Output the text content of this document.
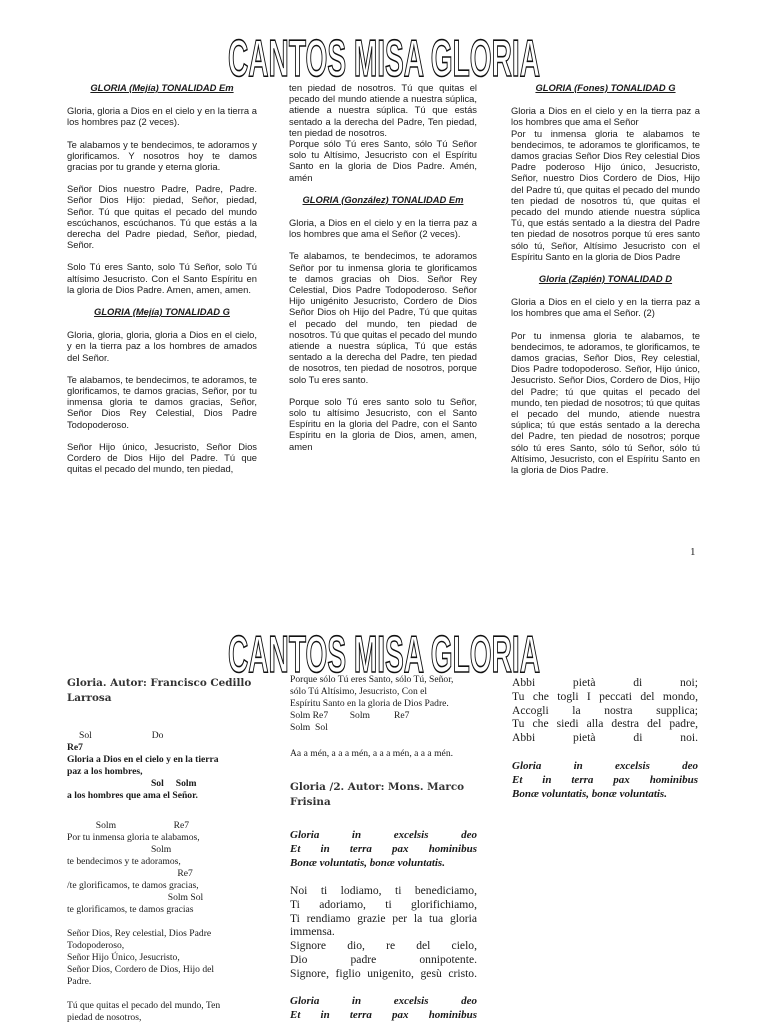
CANTOS MISA GLORIA
GLORIA (Mejía) TONALIDAD Em

Gloria, gloria a Dios en el cielo y en la tierra a los hombres paz (2 veces).

Te alabamos y te bendecimos, te adoramos y glorificamos. Y nosotros hoy te damos gracias por tu grande y eterna gloria.

Señor Dios nuestro Padre, Padre, Padre. Señor Dios Hijo: piedad, Señor, piedad, Señor. Tú que quitas el pecado del mundo escúchanos, escúchanos. Tú que estás a la derecha del Padre piedad, Señor, piedad, Señor.

Solo Tú eres Santo, solo Tú Señor, solo Tú altísimo Jesucristo. Con el Santo Espíritu en la gloria de Dios Padre. Amen, amen, amen.

GLORIA (Mejía) TONALIDAD G

Gloria, gloria, gloria, gloria a Dios en el cielo, y en la tierra paz a los hombres de amados del Señor.

Te alabamos, te bendecimos, te adoramos, te glorificamos, te damos gracias, Señor, por tu inmensa gloria te damos gracias, Señor, Señor Dios Rey Celestial, Dios Padre Todopoderoso.

Señor Hijo único, Jesucristo, Señor Dios Cordero de Dios Hijo del Padre. Tú que quitas el pecado del mundo, ten piedad,

ten piedad de nosotros. Tú que quitas el pecado del mundo atiende a nuestra súplica, atiende a nuestra súplica. Tú que estás sentado a la derecha del Padre, Ten piedad, ten piedad de nosotros.

Porque sólo Tú eres Santo, sólo Tú Señor solo tu Altísimo, Jesucristo con el Espíritu Santo en la gloria de Dios Padre. Amén, amén

GLORIA (González) TONALIDAD Em

Gloria, a Dios en el cielo y en la tierra paz a los hombres que ama el Señor (2 veces).

Te alabamos, te bendecimos, te adoramos Señor por tu inmensa gloria te glorificamos te damos gracias oh Dios. Señor Rey Celestial, Dios Padre Todopoderoso. Señor Hijo unigénito Jesucristo, Cordero de Dios Señor Dios oh Hijo del Padre, Tú que quitas el pecado del mundo, ten piedad de nosotros. Tú que quitas el pecado del mundo atiende a nuestra súplica, Tú que estás sentado a la derecha del Padre, ten piedad de nosotros, ten piedad de nosotros, porque solo Tu eres santo.

Porque solo Tú eres santo solo tu Señor, solo tu altísimo Jesucristo, con el Santo Espíritu en la gloria del Padre, con el Santo Espíritu en la gloria de Dios, amen, amen, amen

GLORIA (Fones) TONALIDAD G

Gloria a Dios en el cielo y en la tierra paz a los hombres que ama el Señor

Por tu inmensa gloria te alabamos te bendecimos, te adoramos te glorificamos, te damos gracias Señor Dios Rey celestial Dios Padre poderoso Hijo único, Jesucristo, Señor, nuestro Dios Cordero de Dios, Hijo del Padre tú, que quitas el pecado del mundo ten piedad de nosotros tú, que quitas el pecado del mundo atiende nuestra súplica Tú, que estás sentado a la diestra del Padre ten piedad de nosotros porque tú eres santo sólo tú, Señor, Altísimo Jesucristo con el Espíritu Santo en la gloria de Dios Padre

Gloria (Zapién) TONALIDAD D

Gloria a Dios en el cielo y en la tierra paz a los hombres que ama el Señor. (2)

Por tu inmensa gloria te alabamos, te bendecimos, te adoramos, te glorificamos, te damos gracias, Señor Dios, Rey celestial, Dios Padre todopoderoso. Señor, Hijo único, Jesucristo. Señor Dios, Cordero de Dios, Hijo del Padre; tú que quitas el pecado del mundo, ten piedad de nosotros; tú que quitas el pecado del mundo, atiende nuestra súplica; tú que estás sentado a la derecha del Padre, ten piedad de nosotros; porque sólo tú eres Santo, sólo tú Señor, sólo tú Altísimo, Jesucristo, con el Espíritu Santo en la gloria de Dios Padre.

1
CANTOS MISA GLORIA
Gloria. Autor: Francisco Cedillo
Larrosa
Sol                         Do
Re7
Gloria a Dios en el cielo y en la tierra
paz a los hombres,
Sol     Solm
a los hombres que ama el Señor.
Solm                        Re7
Por tu inmensa gloria te alabamos,
Solm
te bendecimos y te adoramos,
Re7
/te glorificamos, te damos gracias,
Solm Sol
te glorificamos, te damos gracias
Señor Dios, Rey celestial, Dios Padre
Todopoderoso,
Señor Hijo Único, Jesucristo,
Señor Dios, Cordero de Dios, Hijo del
Padre.
Tú que quitas el pecado del mundo, Ten
piedad de nosotros,
Porque sólo Tú eres Santo, sólo Tú, Señor,
sólo Tú Altísimo, Jesucristo, Con el
Espíritu Santo en la gloria de Dios Padre.
Solm Re7         Solm          Re7
Solm  Sol
Aa a mén, a a a mén, a a a mén, a a a mén.
Gloria /2. Autor: Mons. Marco
Frisina
Gloria in excelsis deo
Et in terra pax hominibus
Bonæ voluntatis, bonæ voluntatis.
Noi ti lodiamo, ti benediciamo,
Ti adoriamo, ti glorifichiamo,
Ti rendiamo grazie per la tua gloria
immensa.
Signore dio, re del cielo,
Dio padre onnipotente.
Signore, figlio unigenito, gesù cristo.
Gloria in excelsis deo
Et in terra pax hominibus
Abbi pietà di noi;
Tu che togli I peccati del mondo,
Accogli la nostra supplica;
Tu che siedi alla destra del padre,
Abbi pietà di noi.
Gloria in excelsis deo
Et in terra pax hominibus
Bonæ voluntatis, bonæ voluntatis.
